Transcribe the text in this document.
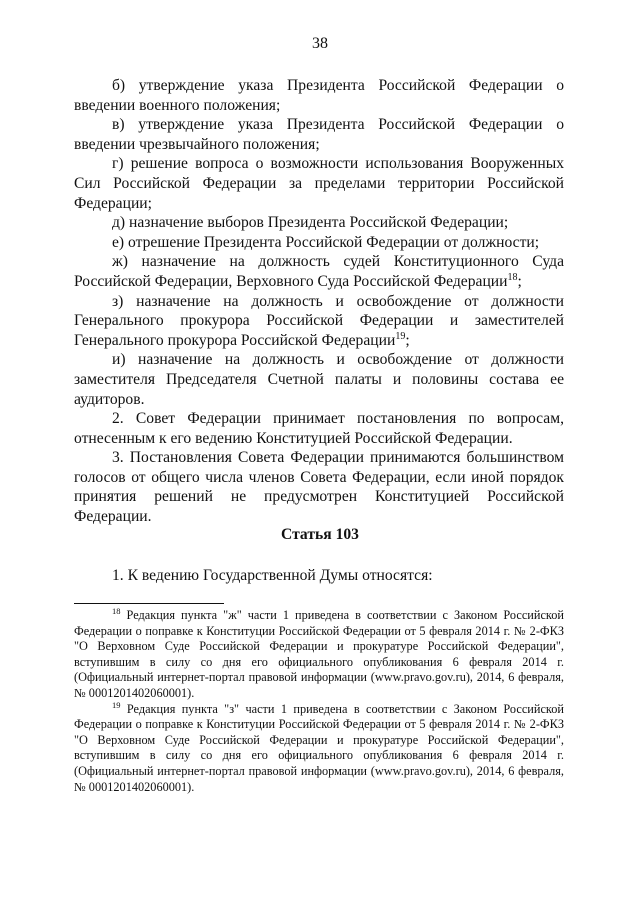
38

б) утверждение указа Президента Российской Федерации о введении военного положения;

в) утверждение указа Президента Российской Федерации о введении чрезвычайного положения;

г) решение вопроса о возможности использования Вооруженных Сил Российской Федерации за пределами территории Российской Федерации;

д) назначение выборов Президента Российской Федерации;

е) отрешение Президента Российской Федерации от должности;

ж) назначение на должность судей Конституционного Суда Российской Федерации, Верховного Суда Российской Федерации$^{18}$;

з) назначение на должность и освобождение от должности Генерального прокурора Российской Федерации и заместителей Генерального прокурора Российской Федерации$^{19}$;

и) назначение на должность и освобождение от должности заместителя Председателя Счетной палаты и половины состава ее аудиторов.

2. Совет Федерации принимает постановления по вопросам, отнесенным к его ведению Конституцией Российской Федерации.

3. Постановления Совета Федерации принимаются большинством голосов от общего числа членов Совета Федерации, если иной порядок принятия решений не предусмотрен Конституцией Российской Федерации.

Статья 103

1. К ведению Государственной Думы относятся:

$^{18}$ Редакция пункта "ж" части 1 приведена в соответствии с Законом Российской Федерации о поправке к Конституции Российской Федерации от 5 февраля 2014 г. № 2-ФКЗ "О Верховном Суде Российской Федерации и прокуратуре Российской Федерации", вступившим в силу со дня его официального опубликования 6 февраля 2014 г. (Официальный интернет-портал правовой информации (www.pravo.gov.ru), 2014, 6 февраля, № 0001201402060001).

$^{19}$ Редакция пункта "з" части 1 приведена в соответствии с Законом Российской Федерации о поправке к Конституции Российской Федерации от 5 февраля 2014 г. № 2-ФКЗ "О Верховном Суде Российской Федерации и прокуратуре Российской Федерации", вступившим в силу со дня его официального опубликования 6 февраля 2014 г. (Официальный интернет-портал правовой информации (www.pravo.gov.ru), 2014, 6 февраля, № 0001201402060001).
